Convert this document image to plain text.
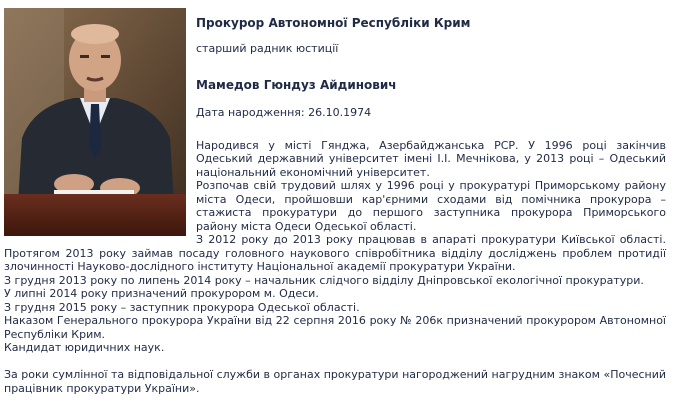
Прокурор Автономної Республіки Крим
старший радник юстиції
Мамедов Гюндуз Айдинович
Дата народження: 26.10.1974

Народився у місті Гянджа, Азербайджанська РСР. У 1996 році закінчив Одеський державний університет імені І.І. Мечнікова, у 2013 році – Одеський національний економічний університет.

Розпочав свій трудовий шлях у 1996 році у прокуратурі Приморському району міста Одеси, пройшовши кар'єрними сходами від помічника прокурора – стажиста прокуратури до першого заступника прокурора Приморського району міста Одеси Одеської області.

З 2012 року до 2013 року працював в апараті прокуратури Київської області. Протягом 2013 року займав посаду головного наукового співробітника відділу досліджень проблем протидії злочинності Науково-дослідного інституту Національної академії прокуратури України.

З грудня 2013 року по липень 2014 року – начальник слідчого відділу Дніпровської екологічної прокуратури.

У липні 2014 року призначений прокурором м. Одеси.

З грудня 2015 року – заступник прокурора Одеської області.

Наказом Генерального прокурора України від 22 серпня 2016 року № 206к призначений прокурором Автономної Республіки Крим.

Кандидат юридичних наук.

За роки сумлінної та відповідальної служби в органах прокуратури нагороджений нагрудним знаком «Почесний працівник прокуратури України».
